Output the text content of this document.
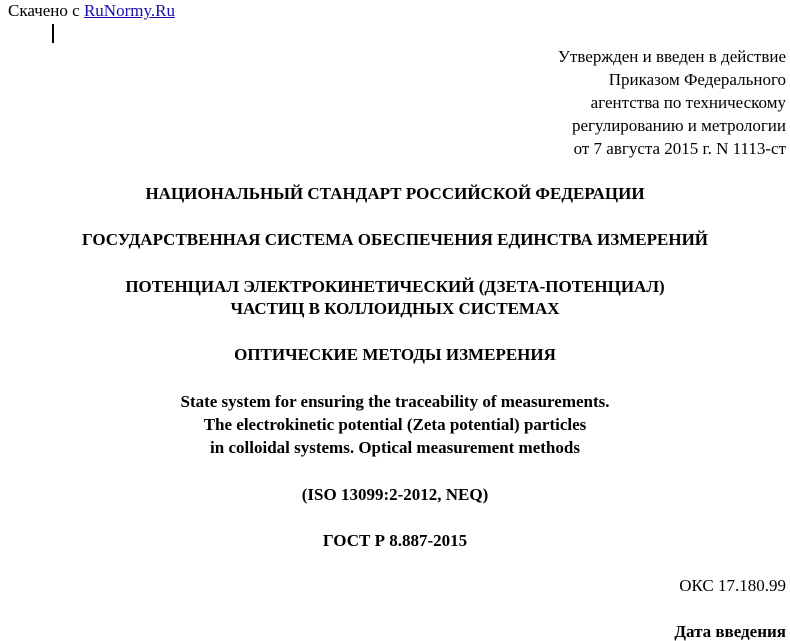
Скачено с RuNormy.Ru
Утвержден и введен в действие
Приказом Федерального
агентства по техническому
регулированию и метрологии
от 7 августа 2015 г. N 1113-ст
НАЦИОНАЛЬНЫЙ СТАНДАРТ РОССИЙСКОЙ ФЕДЕРАЦИИ
ГОСУДАРСТВЕННАЯ СИСТЕМА ОБЕСПЕЧЕНИЯ ЕДИНСТВА ИЗМЕРЕНИЙ
ПОТЕНЦИАЛ ЭЛЕКТРОКИНЕТИЧЕСКИЙ (ДЗЕТА-ПОТЕНЦИАЛ)
ЧАСТИЦ В КОЛЛОИДНЫХ СИСТЕМАХ
ОПТИЧЕСКИЕ МЕТОДЫ ИЗМЕРЕНИЯ
State system for ensuring the traceability of measurements.
The electrokinetic potential (Zeta potential) particles
in colloidal systems. Optical measurement methods
(ISO 13099:2-2012, NEQ)
ГОСТ Р 8.887-2015
ОКС 17.180.99
Дата введения
